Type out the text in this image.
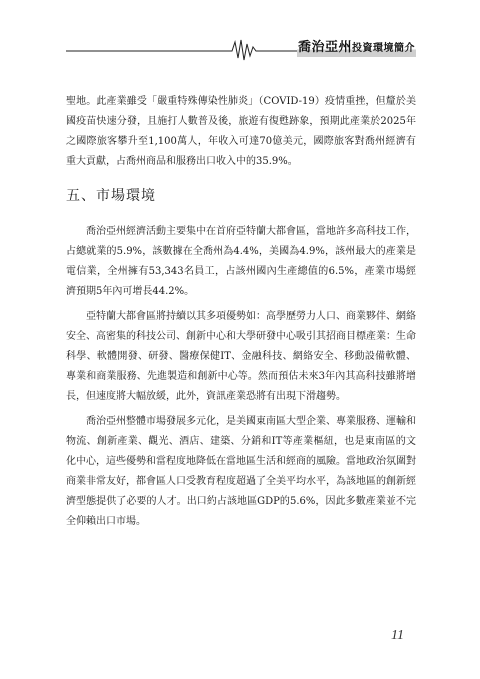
喬治亞州投資環境簡介

聖地。此產業雖受「嚴重特殊傳染性肺炎」（COVID-19）疫情重挫，但釐於美國疫苗快速分發，且施打人數普及後，旅遊有復甦跡象，預期此產業於2025年之國際旅客攀升至1,100萬人，年收入可達70億美元，國際旅客對喬州經濟有重大貢獻，占喬州商品和服務出口收入中的35.9%。

五、市場環境

喬治亞州經濟活動主要集中在首府亞特蘭大都會區，當地許多高科技工作，占總就業的5.9%，該數據在全喬州為4.4%，美國為4.9%，該州最大的產業是電信業，全州擁有53,343名員工，占該州國內生產總值的6.5%，產業市場經濟預期5年內可增長44.2%。

亞特蘭大都會區將持續以其多項優勢如：高學歷勞力人口、商業夥伴、網絡安全、高密集的科技公司、創新中心和大學研發中心吸引其招商目標產業：生命科學、軟體開發、研發、醫療保健IT、金融科技、網絡安全、移動設備軟體、專業和商業服務、先進製造和創新中心等。然而預估未來3年內其高科技雖將增長，但速度將大幅放緩，此外，資訊產業恐將有出現下滑趨勢。

喬治亞州整體市場發展多元化，是美國東南區大型企業、專業服務、運輸和物流、創新產業、觀光、酒店、建築、分銷和IT等產業樞紐，也是東南區的文化中心，這些優勢和當程度地降低在當地區生活和經商的風險。當地政治氛圍對商業非常友好，都會區人口受教育程度超過了全美平均水平，為該地區的創新經濟型態提供了必要的人才。出口約占該地區GDP的5.6%，因此多數產業並不完全仰賴出口市場。

11
